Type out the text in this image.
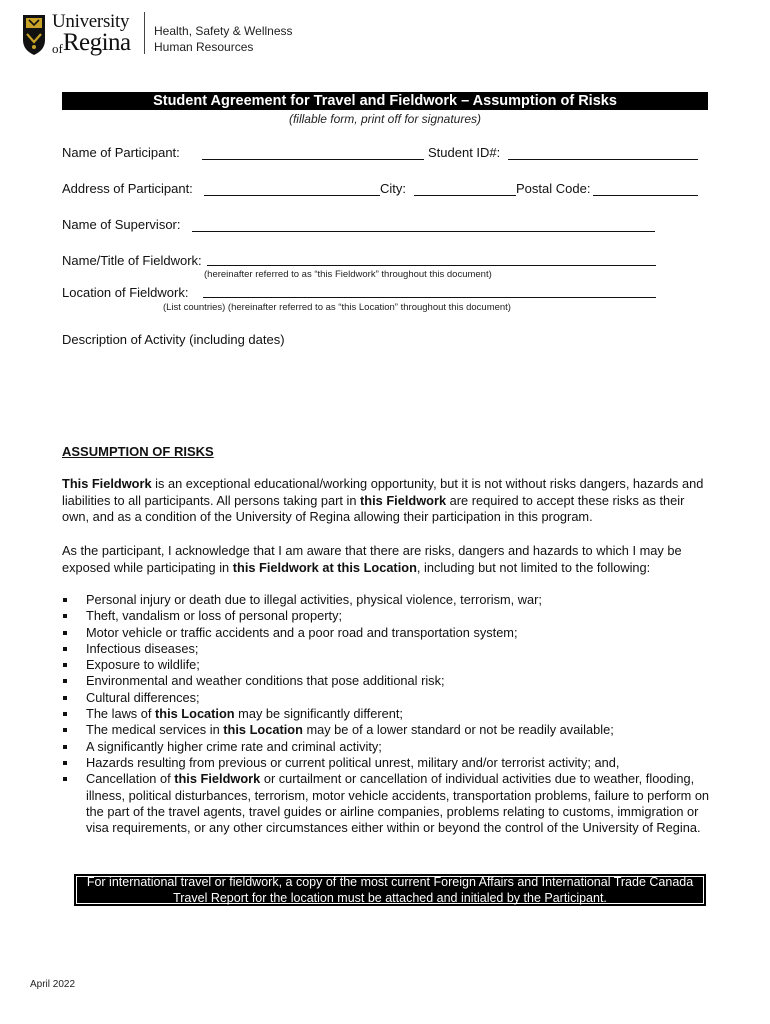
University
ofRegina Health, Safety & Wellness
Human Resources
Student Agreement for Travel and Fieldwork – Assumption of Risks
(fillable form, print off for signatures)
Name of Participant:	Student ID#:
Address of Participant:	City:	Postal Code:
Name of Supervisor:
Name/Title of Fieldwork:
(hereinafter referred to as “this Fieldwork” throughout this document)
Location of Fieldwork:
(List countries) (hereinafter referred to as “this Location” throughout this document)
Description of Activity (including dates)
ASSUMPTION OF RISKS
This Fieldwork is an exceptional educational/working opportunity, but it is not without risks dangers, hazards and liabilities to all participants. All persons taking part in this Fieldwork are required to accept these risks as their own, and as a condition of the University of Regina allowing their participation in this program.
As the participant, I acknowledge that I am aware that there are risks, dangers and hazards to which I may be exposed while participating in this Fieldwork at this Location, including but not limited to the following:
Personal injury or death due to illegal activities, physical violence, terrorism, war;
Theft, vandalism or loss of personal property;
Motor vehicle or traffic accidents and a poor road and transportation system;
Infectious diseases;
Exposure to wildlife;
Environmental and weather conditions that pose additional risk;
Cultural differences;
The laws of this Location may be significantly different;
The medical services in this Location may be of a lower standard or not be readily available;
A significantly higher crime rate and criminal activity;
Hazards resulting from previous or current political unrest, military and/or terrorist activity; and,
Cancellation of this Fieldwork or curtailment or cancellation of individual activities due to weather, flooding, illness, political disturbances, terrorism, motor vehicle accidents, transportation problems, failure to perform on the part of the travel agents, travel guides or airline companies, problems relating to customs, immigration or visa requirements, or any other circumstances either within or beyond the control of the University of Regina.
For international travel or fieldwork, a copy of the most current Foreign Affairs and International Trade Canada
Travel Report for the location must be attached and initialed by the Participant.
April 2022
